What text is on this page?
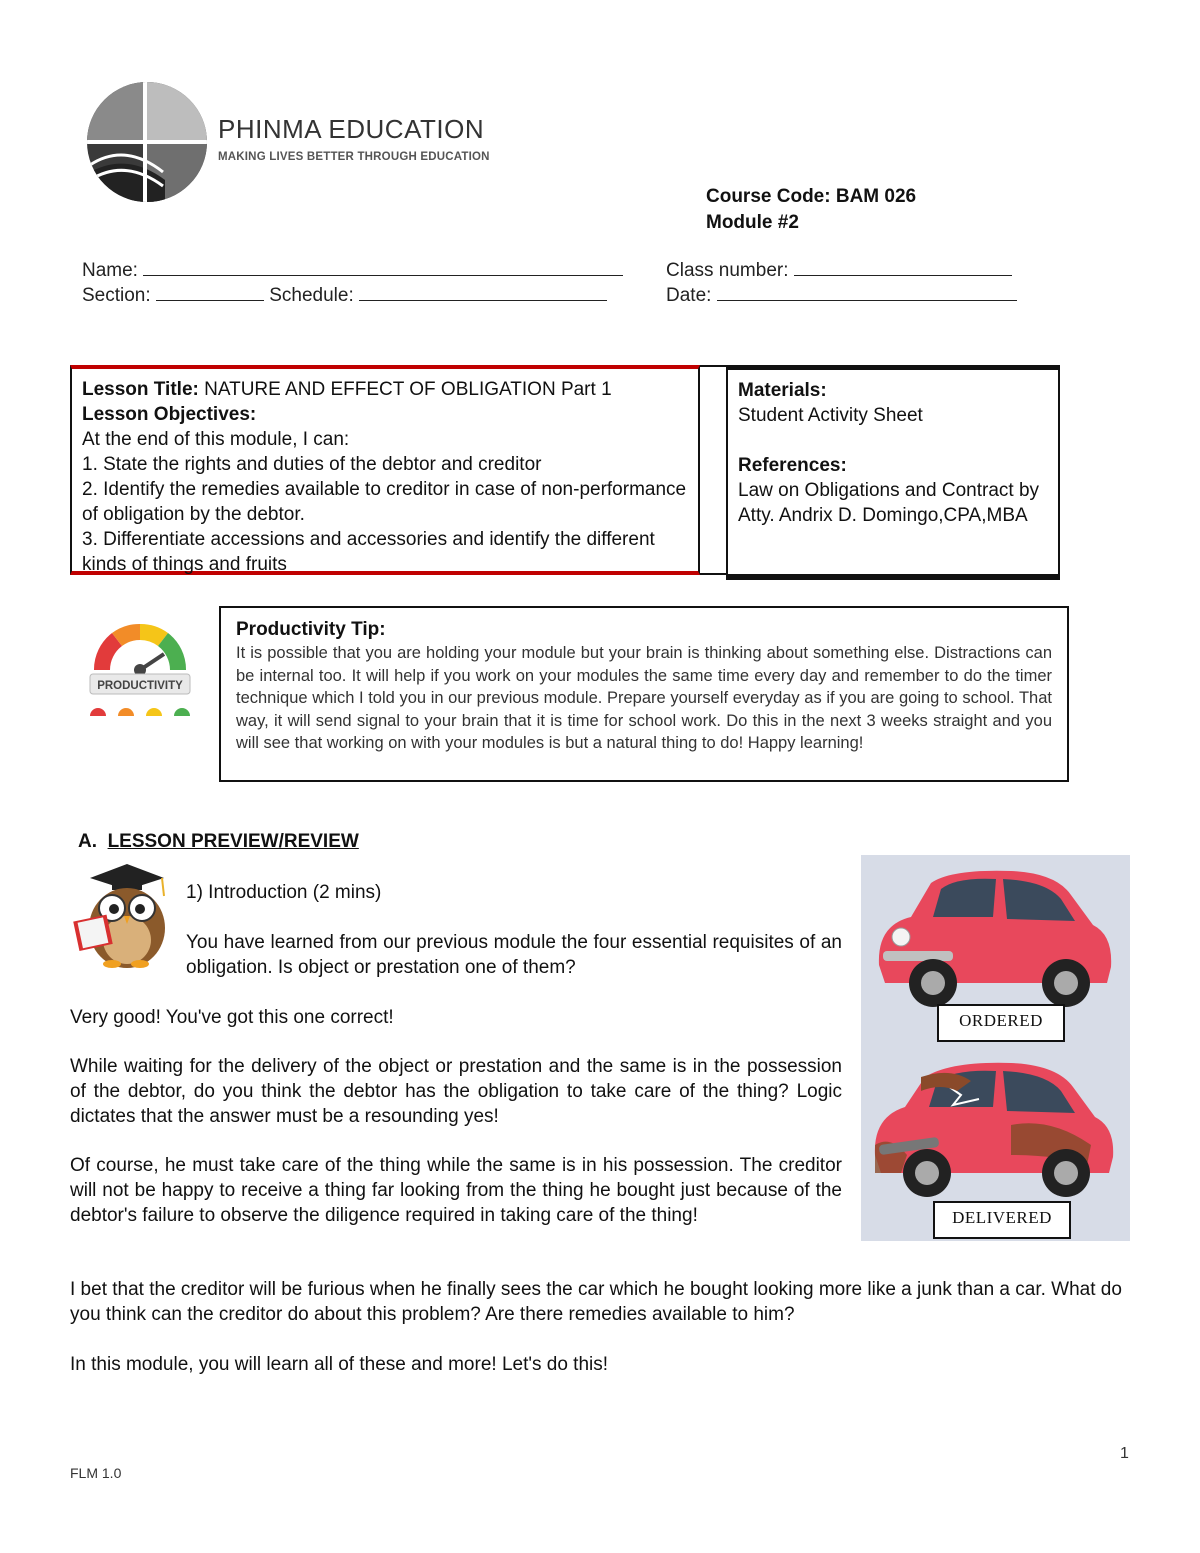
PHINMA EDUCATION
MAKING LIVES BETTER THROUGH EDUCATION
Course Code: BAM 026
Module #2
Name:	Class number:
Section:	Schedule:	Date:
Lesson Title: NATURE AND EFFECT OF OBLIGATION Part 1
Lesson Objectives:
At the end of this module, I can:
1. State the rights and duties of the debtor and creditor
2. Identify the remedies available to creditor in case of non-performance of obligation by the debtor.
3. Differentiate accessions and accessories and identify the different kinds of things and fruits
Materials:
Student Activity Sheet
References:
Law on Obligations and Contract by Atty. Andrix D. Domingo,CPA,MBA
PRODUCTIVITY
Productivity Tip:
It is possible that you are holding your module but your brain is thinking about something else. Distractions can be internal too. It will help if you work on your modules the same time every day and remember to do the timer technique which I told you in our previous module. Prepare yourself everyday as if you are going to school. That way, it will send signal to your brain that it is time for school work. Do this in the next 3 weeks straight and you will see that working on with your modules is but a natural thing to do! Happy learning!
A. LESSON PREVIEW/REVIEW
1) Introduction (2 mins)
You have learned from our previous module the four essential requisites of an obligation. Is object or prestation one of them?
Very good! You've got this one correct!
While waiting for the delivery of the object or prestation and the same is in the possession of the debtor, do you think the debtor has the obligation to take care of the thing? Logic dictates that the answer must be a resounding yes!
Of course, he must take care of the thing while the same is in his possession. The creditor will not be happy to receive a thing far looking from the thing he bought just because of the debtor's failure to observe the diligence required in taking care of the thing!
I bet that the creditor will be furious when he finally sees the car which he bought looking more like a junk than a car. What do you think can the creditor do about this problem? Are there remedies available to him?
In this module, you will learn all of these and more! Let's do this!
ORDERED
DELIVERED
FLM 1.0
1
